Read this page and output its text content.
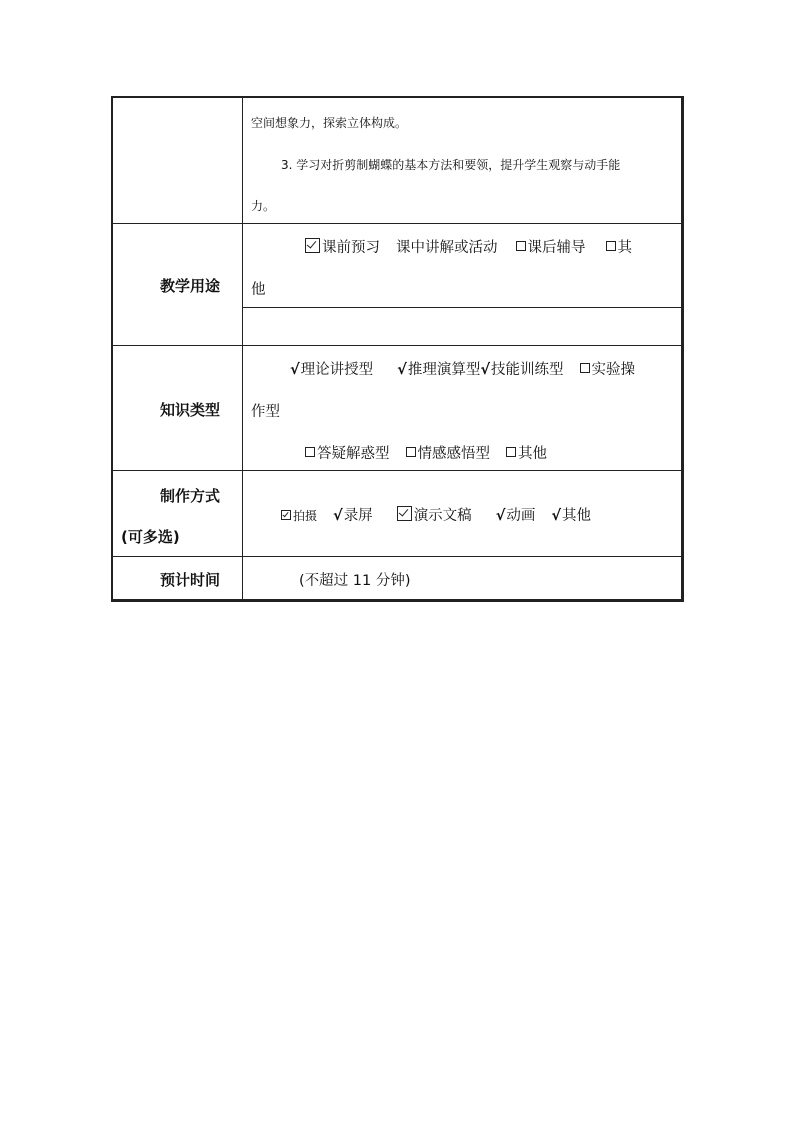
	空间想象力，探索立体构成。
3. 学习对折剪制蝴蝶的基本方法和要领，提升学生观察与动手能
力。

教学用途	课前预习 课中讲解或活动 课后辅导 其
他

知识类型	√理论讲授型 √推理演算型√技能训练型 实验操
作型
答疑解惑型 情感感悟型 其他

制作方式
(可多选)	拍摄 √录屏 演示文稿 √动画 √其他

预计时间	(不超过 11 分钟)
